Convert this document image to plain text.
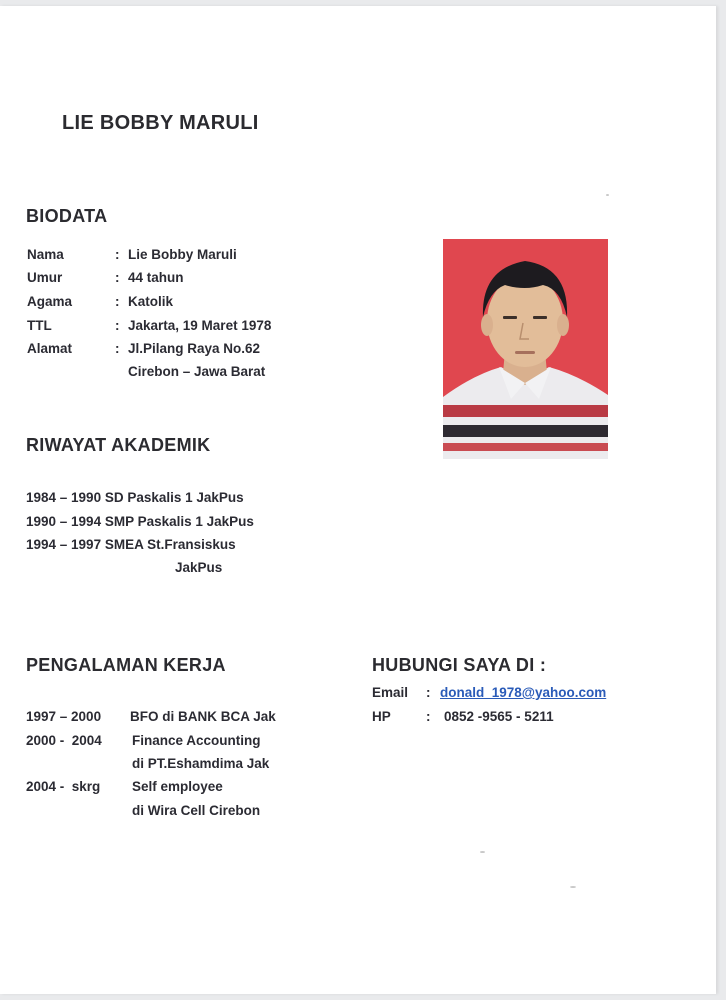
LIE BOBBY MARULI
BIODATA
Nama	: Lie Bobby Maruli
Umur	: 44 tahun
Agama	: Katolik
TTL	: Jakarta, 19 Maret 1978
Alamat	: Jl.Pilang Raya No.62
Cirebon – Jawa Barat
RIWAYAT AKADEMIK
1984 – 1990 SD Paskalis 1 JakPus
1990 – 1994 SMP Paskalis 1 JakPus
1994 – 1997 SMEA St.Fransiskus
JakPus
PENGALAMAN KERJA
1997 – 2000 BFO di BANK BCA Jak
2000 -  2004 Finance Accounting
di PT.Eshamdima Jak
2004 -  skrg Self employee
di Wira Cell Cirebon
HUBUNGI SAYA DI :
Email : donald_1978@yahoo.com
HP	: 0852 -9565 - 5211
